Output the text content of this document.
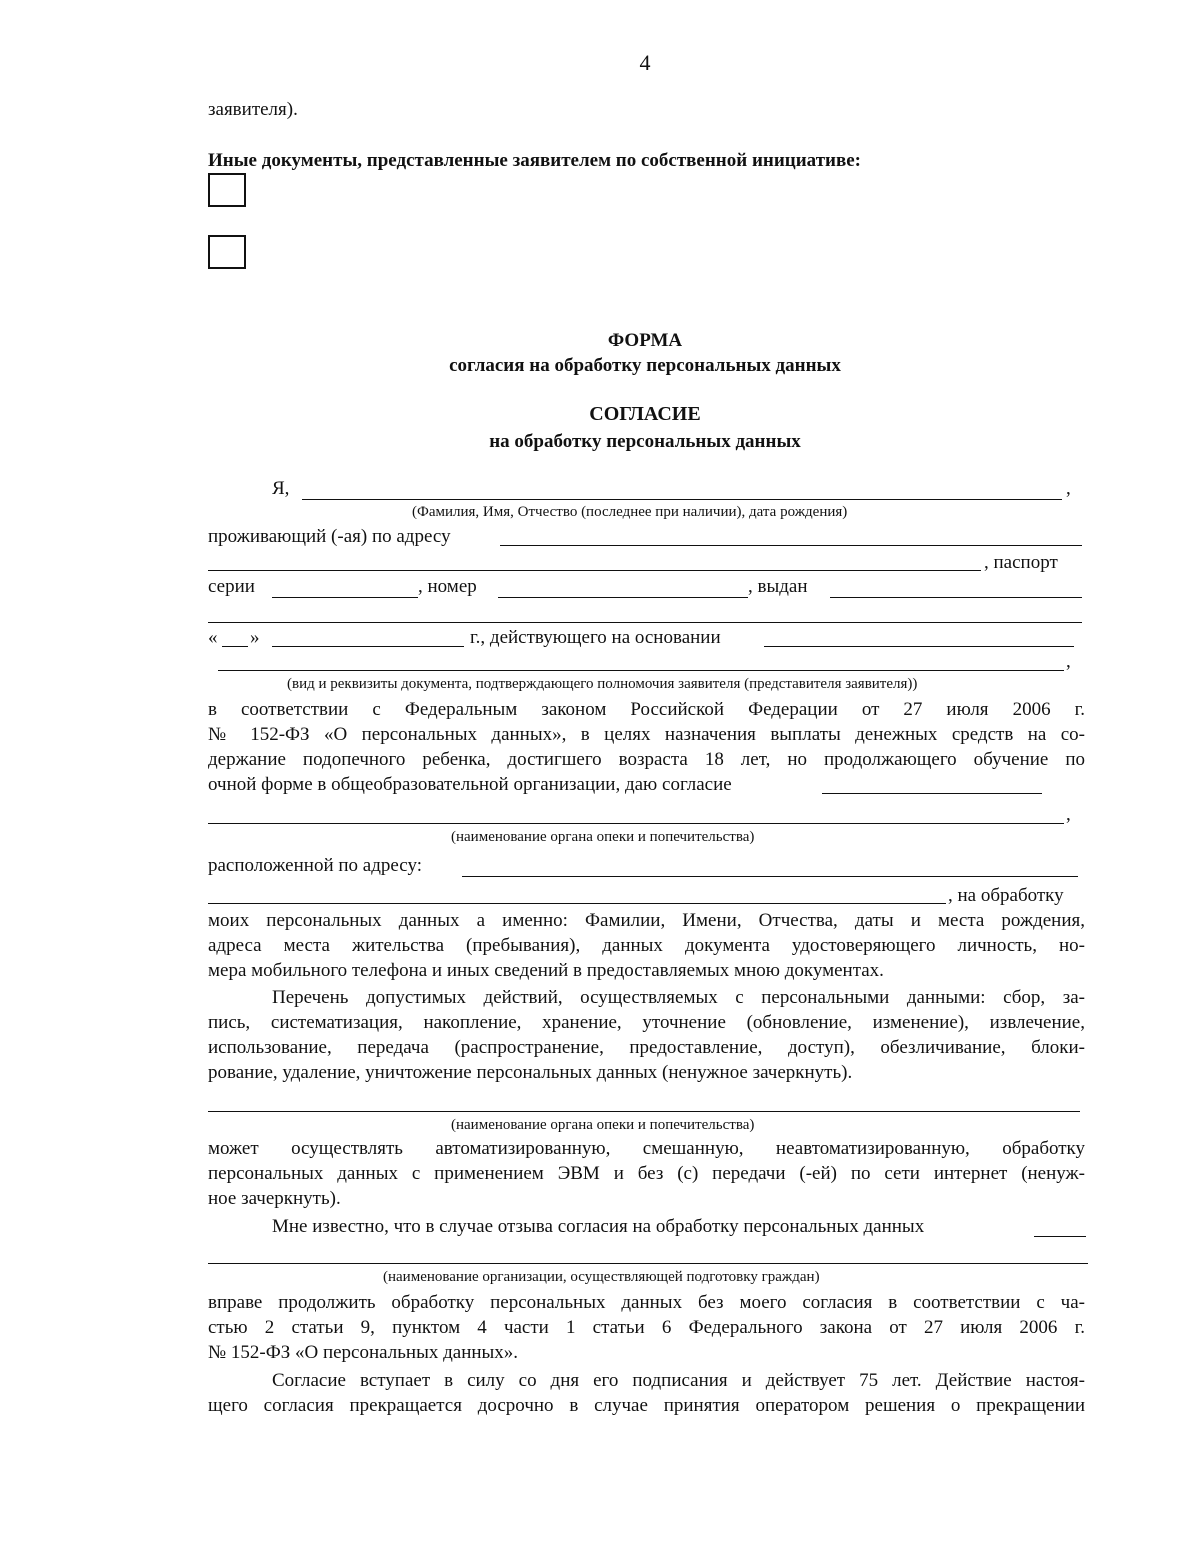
4
заявителя).
Иные документы, представленные заявителем по собственной инициативе:
ФОРМА
согласия на обработку персональных данных
СОГЛАСИЕ
на обработку персональных данных
Я,	,
(Фамилия, Имя, Отчество (последнее при наличии), дата рождения)
проживающий (-ая) по адресу
, паспорт
серии	, номер	, выдан
« »	г., действующего на основании
,
(вид и реквизиты документа, подтверждающего полномочия заявителя (представителя заявителя))
в соответствии с Федеральным законом Российской Федерации от 27 июля 2006 г.
№ 152-ФЗ «О персональных данных», в целях назначения выплаты денежных средств на со-
держание подопечного ребенка, достигшего возраста 18 лет, но продолжающего обучение по
очной форме в общеобразовательной организации, даю согласие
,
(наименование органа опеки и попечительства)
расположенной по адресу:
, на обработку
моих персональных данных а именно: Фамилии, Имени, Отчества, даты и места рождения,
адреса места жительства (пребывания), данных документа удостоверяющего личность, но-
мера мобильного телефона и иных сведений в предоставляемых мною документах.
Перечень допустимых действий, осуществляемых с персональными данными: сбор, за-
пись, систематизация, накопление, хранение, уточнение (обновление, изменение), извлечение,
использование, передача (распространение, предоставление, доступ), обезличивание, блоки-
рование, удаление, уничтожение персональных данных (ненужное зачеркнуть).
(наименование органа опеки и попечительства)
может осуществлять автоматизированную, смешанную, неавтоматизированную, обработку
персональных данных с применением ЭВМ и без (с) передачи (-ей) по сети интернет (ненуж-
ное зачеркнуть).
Мне известно, что в случае отзыва согласия на обработку персональных данных
(наименование организации, осуществляющей подготовку граждан)
вправе продолжить обработку персональных данных без моего согласия в соответствии с ча-
стью 2 статьи 9, пунктом 4 части 1 статьи 6 Федерального закона от 27 июля 2006 г.
№ 152-ФЗ «О персональных данных».
Согласие вступает в силу со дня его подписания и действует 75 лет. Действие настоя-
щего согласия прекращается досрочно в случае принятия оператором решения о прекращении
